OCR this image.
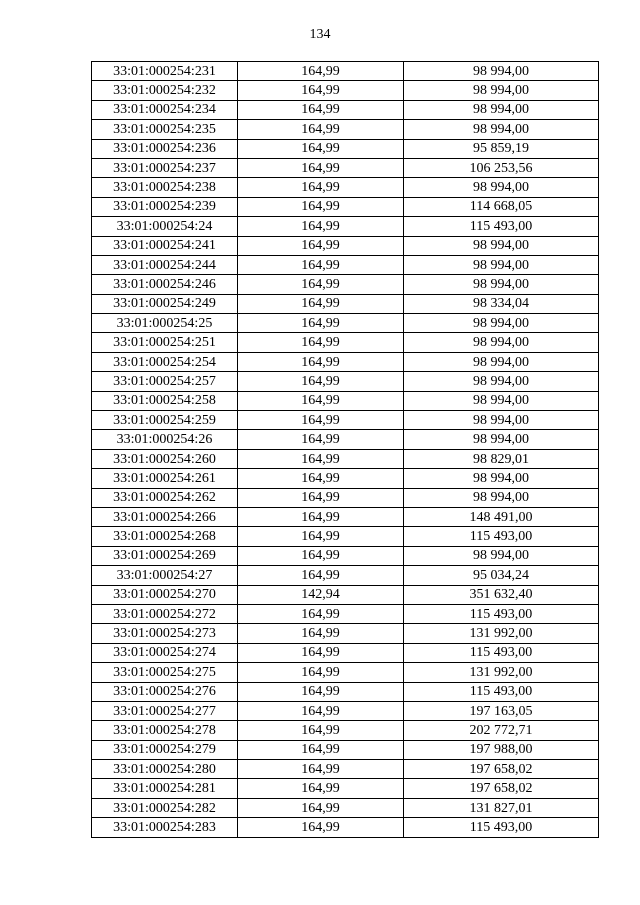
134
33:01:000254:231	164,99	98 994,00
33:01:000254:232	164,99	98 994,00
33:01:000254:234	164,99	98 994,00
33:01:000254:235	164,99	98 994,00
33:01:000254:236	164,99	95 859,19
33:01:000254:237	164,99	106 253,56
33:01:000254:238	164,99	98 994,00
33:01:000254:239	164,99	114 668,05
33:01:000254:24	164,99	115 493,00
33:01:000254:241	164,99	98 994,00
33:01:000254:244	164,99	98 994,00
33:01:000254:246	164,99	98 994,00
33:01:000254:249	164,99	98 334,04
33:01:000254:25	164,99	98 994,00
33:01:000254:251	164,99	98 994,00
33:01:000254:254	164,99	98 994,00
33:01:000254:257	164,99	98 994,00
33:01:000254:258	164,99	98 994,00
33:01:000254:259	164,99	98 994,00
33:01:000254:26	164,99	98 994,00
33:01:000254:260	164,99	98 829,01
33:01:000254:261	164,99	98 994,00
33:01:000254:262	164,99	98 994,00
33:01:000254:266	164,99	148 491,00
33:01:000254:268	164,99	115 493,00
33:01:000254:269	164,99	98 994,00
33:01:000254:27	164,99	95 034,24
33:01:000254:270	142,94	351 632,40
33:01:000254:272	164,99	115 493,00
33:01:000254:273	164,99	131 992,00
33:01:000254:274	164,99	115 493,00
33:01:000254:275	164,99	131 992,00
33:01:000254:276	164,99	115 493,00
33:01:000254:277	164,99	197 163,05
33:01:000254:278	164,99	202 772,71
33:01:000254:279	164,99	197 988,00
33:01:000254:280	164,99	197 658,02
33:01:000254:281	164,99	197 658,02
33:01:000254:282	164,99	131 827,01
33:01:000254:283	164,99	115 493,00
